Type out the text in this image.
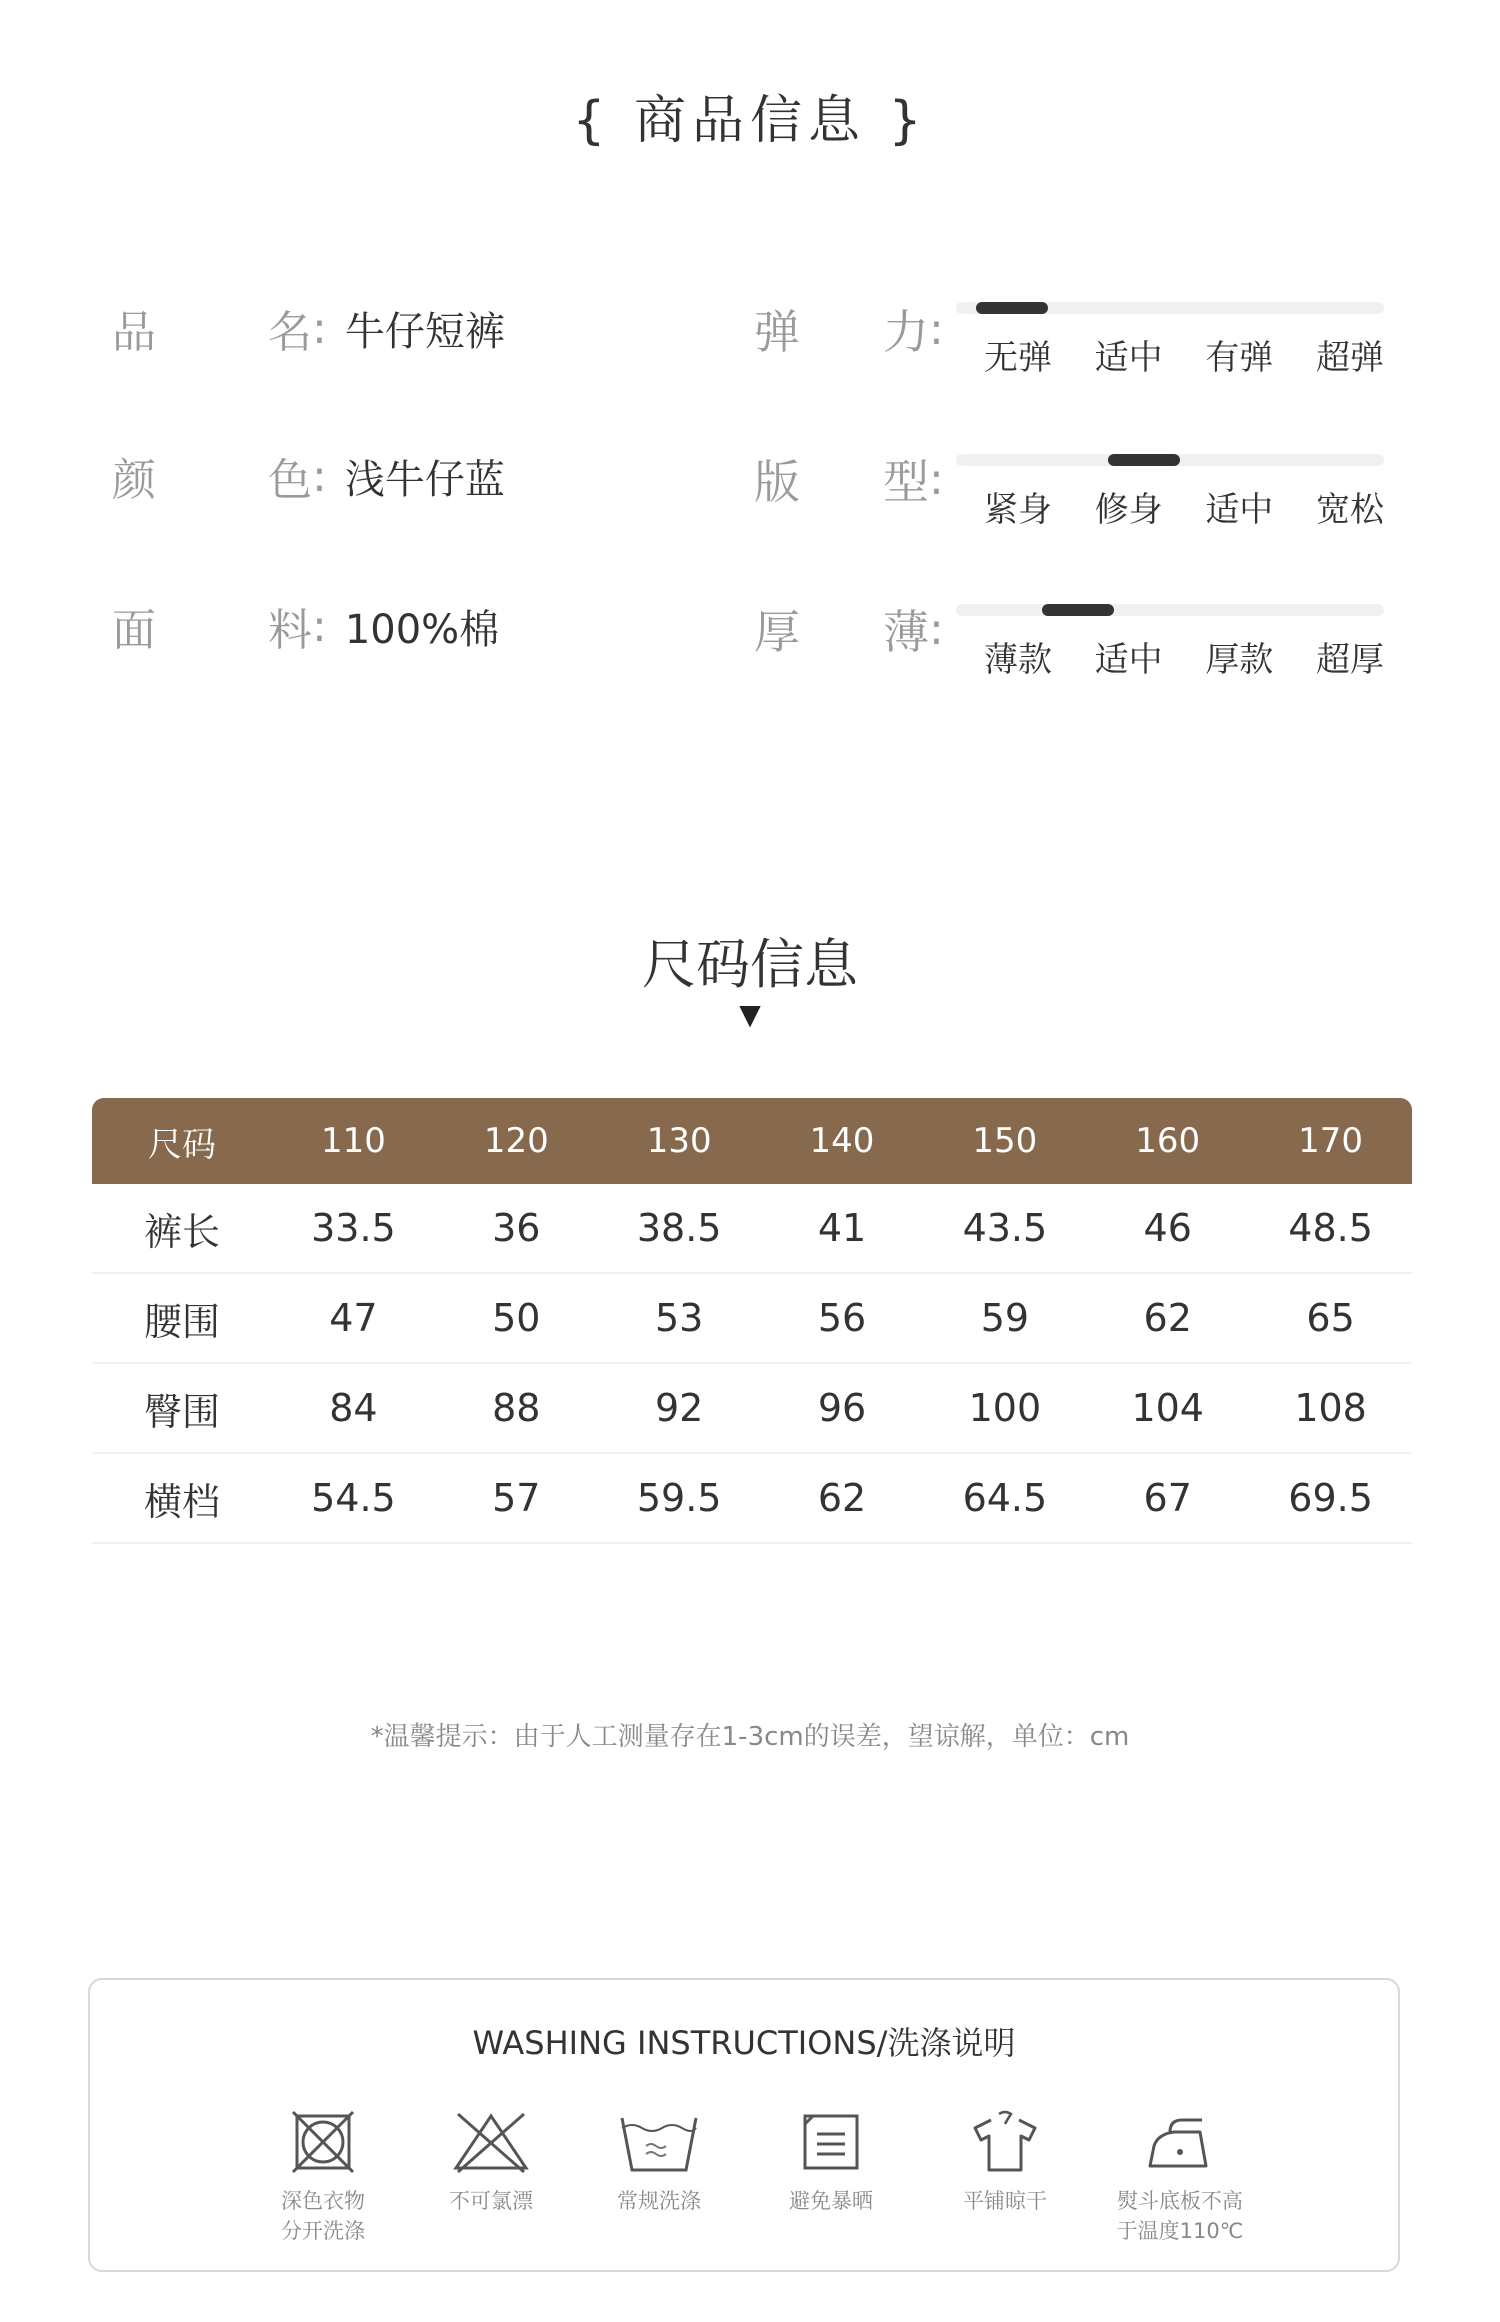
{ 商品信息 }
品	名 : 牛仔短裤
颜	色 : 浅牛仔蓝
面	料 : 100%棉
弹 力 :
版 型 :
厚 薄 :
无弹 适中 有弹 超弹
紧身 修身 适中 宽松
薄款 适中 厚款 超厚
尺码信息
▼
尺码	110	120	130	140	150	160	170
裤长	33.5	36	38.5	41	43.5	46	48.5
腰围	47	50	53	56	59	62	65
臀围	84	88	92	96	100	104	108
横档	54.5	57	59.5	62	64.5	67	69.5
*温馨提示：由于人工测量存在1-3cm的误差，望谅解，单位：cm
WASHING INSTRUCTIONS/洗涤说明
深色衣物
分开洗涤
不可氯漂	常规洗涤	避免暴晒	平铺晾干	熨斗底板不高
于温度110℃
